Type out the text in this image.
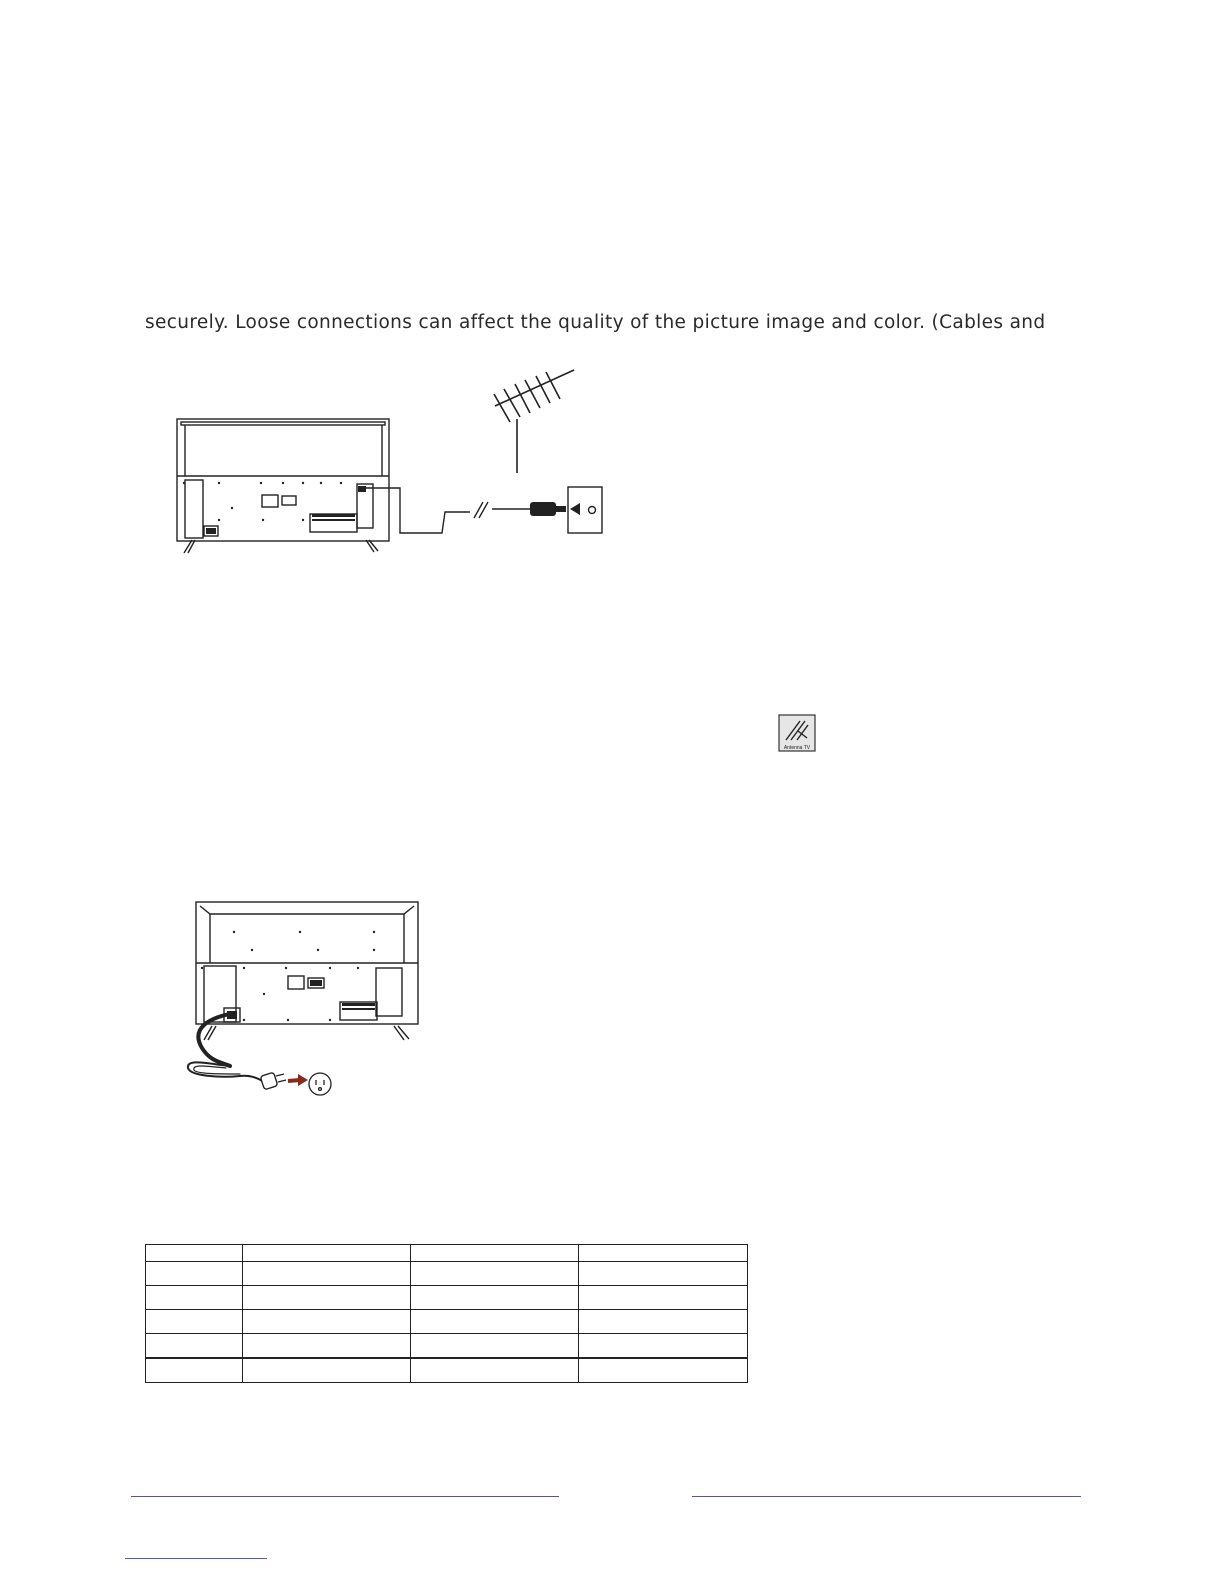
securely. Loose connections can affect the quality of the picture image and color. (Cables and
Antenna TV
